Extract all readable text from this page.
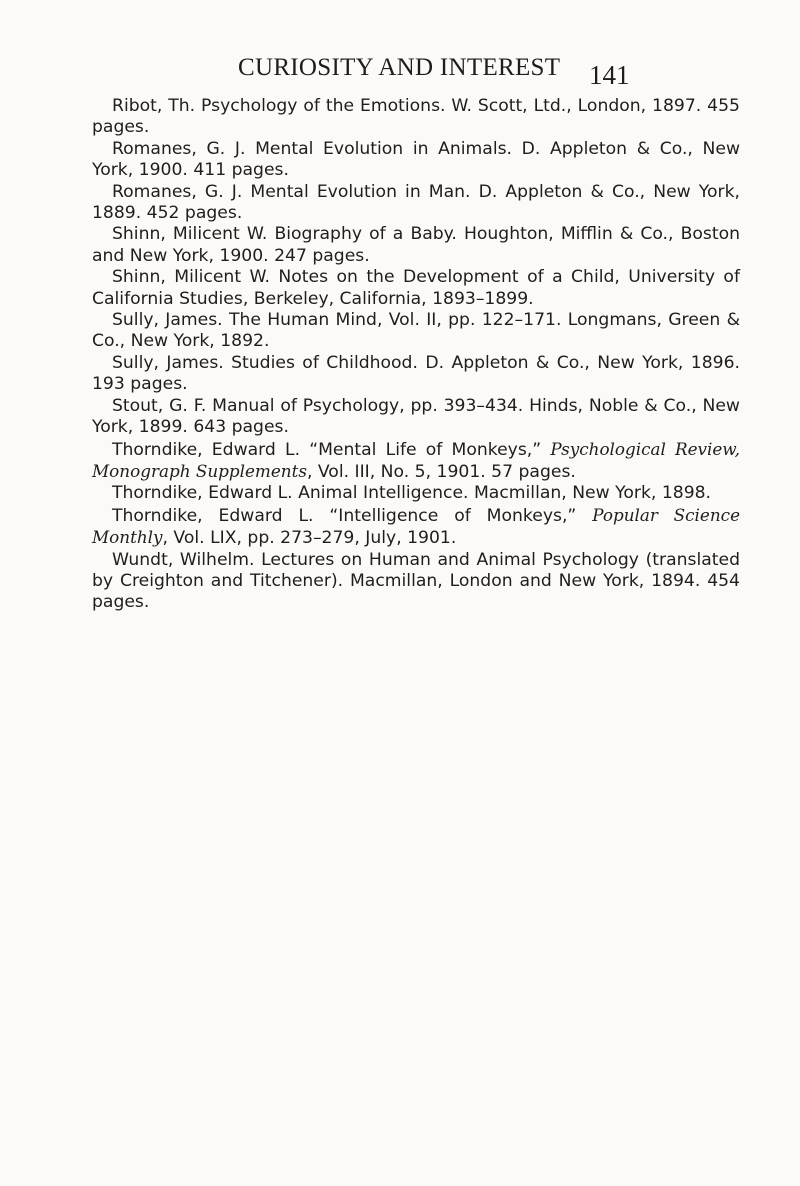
CURIOSITY AND INTEREST 141

Ribot, Th. Psychology of the Emotions. W. Scott, Ltd., London, 1897. 455 pages.

Romanes, G. J. Mental Evolution in Animals. D. Appleton & Co., New York, 1900. 411 pages.

Romanes, G. J. Mental Evolution in Man. D. Appleton & Co., New York, 1889. 452 pages.

Shinn, Milicent W. Biography of a Baby. Houghton, Mifflin & Co., Boston and New York, 1900. 247 pages.

Shinn, Milicent W. Notes on the Development of a Child, University of California Studies, Berkeley, California, 1893–1899.

Sully, James. The Human Mind, Vol. II, pp. 122–171. Longmans, Green & Co., New York, 1892.

Sully, James. Studies of Childhood. D. Appleton & Co., New York, 1896. 193 pages.

Stout, G. F. Manual of Psychology, pp. 393–434. Hinds, Noble & Co., New York, 1899. 643 pages.

Thorndike, Edward L. “Mental Life of Monkeys,” Psychological Review, Monograph Supplements, Vol. III, No. 5, 1901. 57 pages.

Thorndike, Edward L. Animal Intelligence. Macmillan, New York, 1898.

Thorndike, Edward L. “Intelligence of Monkeys,” Popular Science Monthly, Vol. LIX, pp. 273–279, July, 1901.

Wundt, Wilhelm. Lectures on Human and Animal Psychology (translated by Creighton and Titchener). Macmillan, London and New York, 1894. 454 pages.
